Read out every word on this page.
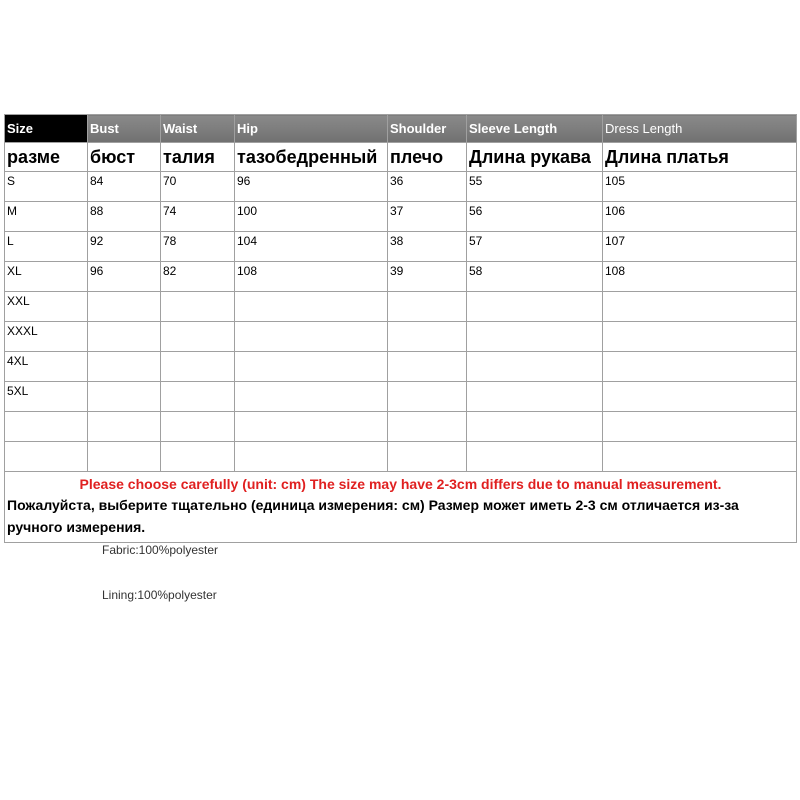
Size	Bust	Waist	Hip	Shoulder	Sleeve Length	Dress Length
разме	бюст	талия	тазобедренный	плечо	Длина рукава	Длина платья
S	84	70	96	36	55	105
M	88	74	100	37	56	106
L	92	78	104	38	57	107
XL	96	82	108	39	58	108
XXL						
XXXL						
4XL						
5XL						

Please choose carefully (unit: cm) The size may have 2-3cm differs due to manual measurement.
Пожалуйста, выберите тщательно (единица измерения: см) Размер может иметь 2-3 см отличается из-за ручного измерения.						
Fabric:100%polyester
Lining:100%polyester
